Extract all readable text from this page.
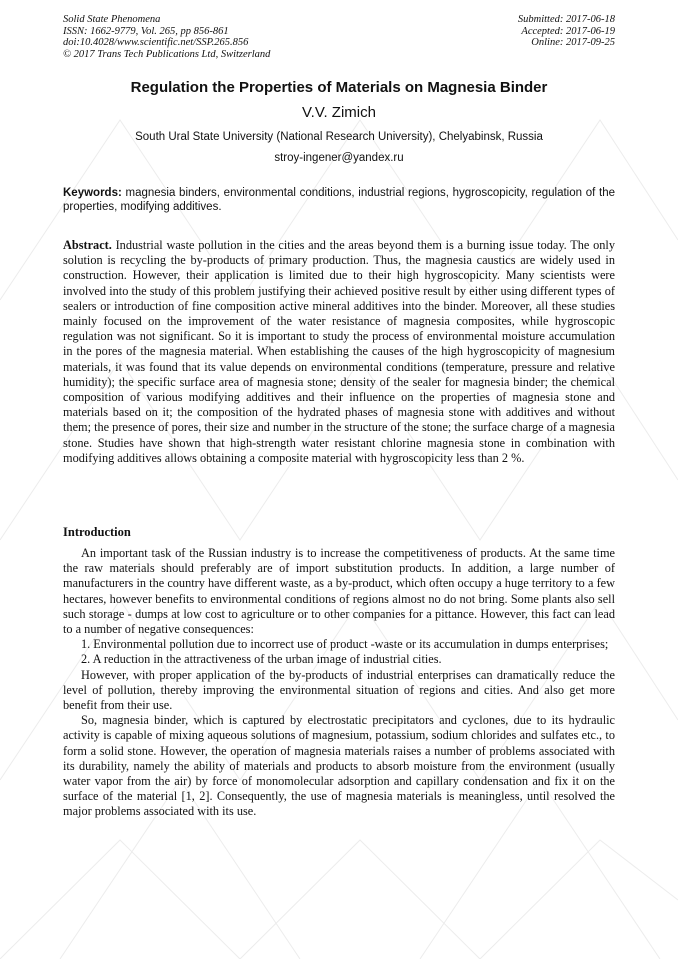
Solid State Phenomena
ISSN: 1662-9779, Vol. 265, pp 856-861
doi:10.4028/www.scientific.net/SSP.265.856
© 2017 Trans Tech Publications Ltd, Switzerland
Submitted: 2017-06-18
Accepted: 2017-06-19
Online: 2017-09-25
Regulation the Properties of Materials on Magnesia Binder
V.V. Zimich
South Ural State University (National Research University), Chelyabinsk, Russia
stroy-ingener@yandex.ru
Keywords: magnesia binders, environmental conditions, industrial regions, hygroscopicity, regulation of the properties, modifying additives.

Abstract. Industrial waste pollution in the cities and the areas beyond them is a burning issue today. The only solution is recycling the by-products of primary production. Thus, the magnesia caustics are widely used in construction. However, their application is limited due to their high hygroscopicity. Many scientists were involved into the study of this problem justifying their achieved positive result by either using different types of sealers or introduction of fine composition active mineral additives into the binder. Moreover, all these studies mainly focused on the improvement of the water resistance of magnesia composites, while hygroscopic regulation was not significant. So it is important to study the process of environmental moisture accumulation in the pores of the magnesia material. When establishing the causes of the high hygroscopicity of magnesium materials, it was found that its value depends on environmental conditions (temperature, pressure and relative humidity); the specific surface area of magnesia stone; density of the sealer for magnesia binder; the chemical composition of various modifying additives and their influence on the properties of magnesia stone and materials based on it; the composition of the hydrated phases of magnesia stone with additives and without them; the presence of pores, their size and number in the structure of the stone; the surface charge of a magnesia stone. Studies have shown that high-strength water resistant chlorine magnesia stone in combination with modifying additives allows obtaining a composite material with hygroscopicity less than 2 %.

Introduction

An important task of the Russian industry is to increase the competitiveness of products. At the same time the raw materials should preferably are of import substitution products. In addition, a large number of manufacturers in the country have different waste, as a by-product, which often occupy a huge territory to a few hectares, however benefits to environmental conditions of regions almost no do not bring. Some plants also sell such storage - dumps at low cost to agriculture or to other companies for a pittance. However, this fact can lead to a number of negative consequences:

1. Environmental pollution due to incorrect use of product -waste or its accumulation in dumps enterprises;

2. A reduction in the attractiveness of the urban image of industrial cities.

However, with proper application of the by-products of industrial enterprises can dramatically reduce the level of pollution, thereby improving the environmental situation of regions and cities. And also get more benefit from their use.

So, magnesia binder, which is captured by electrostatic precipitators and cyclones, due to its hydraulic activity is capable of mixing aqueous solutions of magnesium, potassium, sodium chlorides and sulfates etc., to form a solid stone. However, the operation of magnesia materials raises a number of problems associated with its durability, namely the ability of materials and products to absorb moisture from the environment (usually water vapor from the air) by force of monomolecular adsorption and capillary condensation and fix it on the surface of the material [1, 2]. Consequently, the use of magnesia materials is meaningless, until resolved the major problems associated with its use.
